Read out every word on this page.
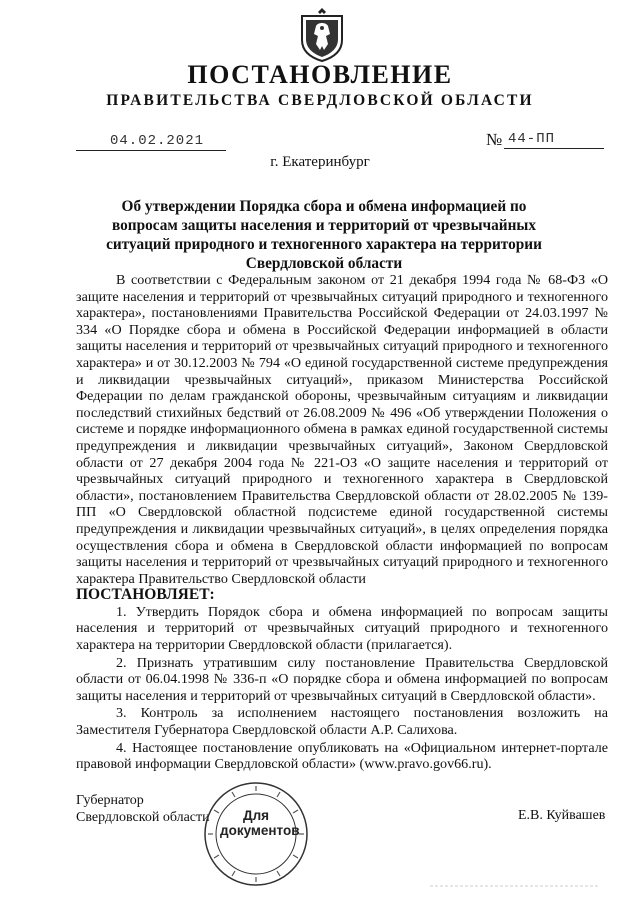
ПОСТАНОВЛЕНИЕ
ПРАВИТЕЛЬСТВА СВЕРДЛОВСКОЙ ОБЛАСТИ
04.02.2021	№ 44-ПП
г. Екатеринбург
Об утверждении Порядка сбора и обмена информацией по вопросам защиты населения и территорий от чрезвычайных ситуаций природного и техногенного характера на территории Свердловской области

В соответствии с Федеральным законом от 21 декабря 1994 года № 68-ФЗ «О защите населения и территорий от чрезвычайных ситуаций природного и техногенного характера», постановлениями Правительства Российской Федерации от 24.03.1997 № 334 «О Порядке сбора и обмена в Российской Федерации информацией в области защиты населения и территорий от чрезвычайных ситуаций природного и техногенного характера» и от 30.12.2003 № 794 «О единой государственной системе предупреждения и ликвидации чрезвычайных ситуаций», приказом Министерства Российской Федерации по делам гражданской обороны, чрезвычайным ситуациям и ликвидации последствий стихийных бедствий от 26.08.2009 № 496 «Об утверждении Положения о системе и порядке информационного обмена в рамках единой государственной системы предупреждения и ликвидации чрезвычайных ситуаций», Законом Свердловской области от 27 декабря 2004 года № 221-ОЗ «О защите населения и территорий от чрезвычайных ситуаций природного и техногенного характера в Свердловской области», постановлением Правительства Свердловской области от 28.02.2005 № 139-ПП «О Свердловской областной подсистеме единой государственной системы предупреждения и ликвидации чрезвычайных ситуаций», в целях определения порядка осуществления сбора и обмена в Свердловской области информацией по вопросам защиты населения и территорий от чрезвычайных ситуаций природного и техногенного характера Правительство Свердловской области

ПОСТАНОВЛЯЕТ:

1. Утвердить Порядок сбора и обмена информацией по вопросам защиты населения и территорий от чрезвычайных ситуаций природного и техногенного характера на территории Свердловской области (прилагается).

2. Признать утратившим силу постановление Правительства Свердловской области от 06.04.1998 № 336-п «О порядке сбора и обмена информацией по вопросам защиты населения и территорий от чрезвычайных ситуаций в Свердловской области».

3. Контроль за исполнением настоящего постановления возложить на Заместителя Губернатора Свердловской области А.Р. Салихова.

4. Настоящее постановление опубликовать на «Официальном интернет-портале правовой информации Свердловской области» (www.pravo.gov66.ru).

Губернатор
Свердловской области	Для
документов
Е.В. Куйвашев
